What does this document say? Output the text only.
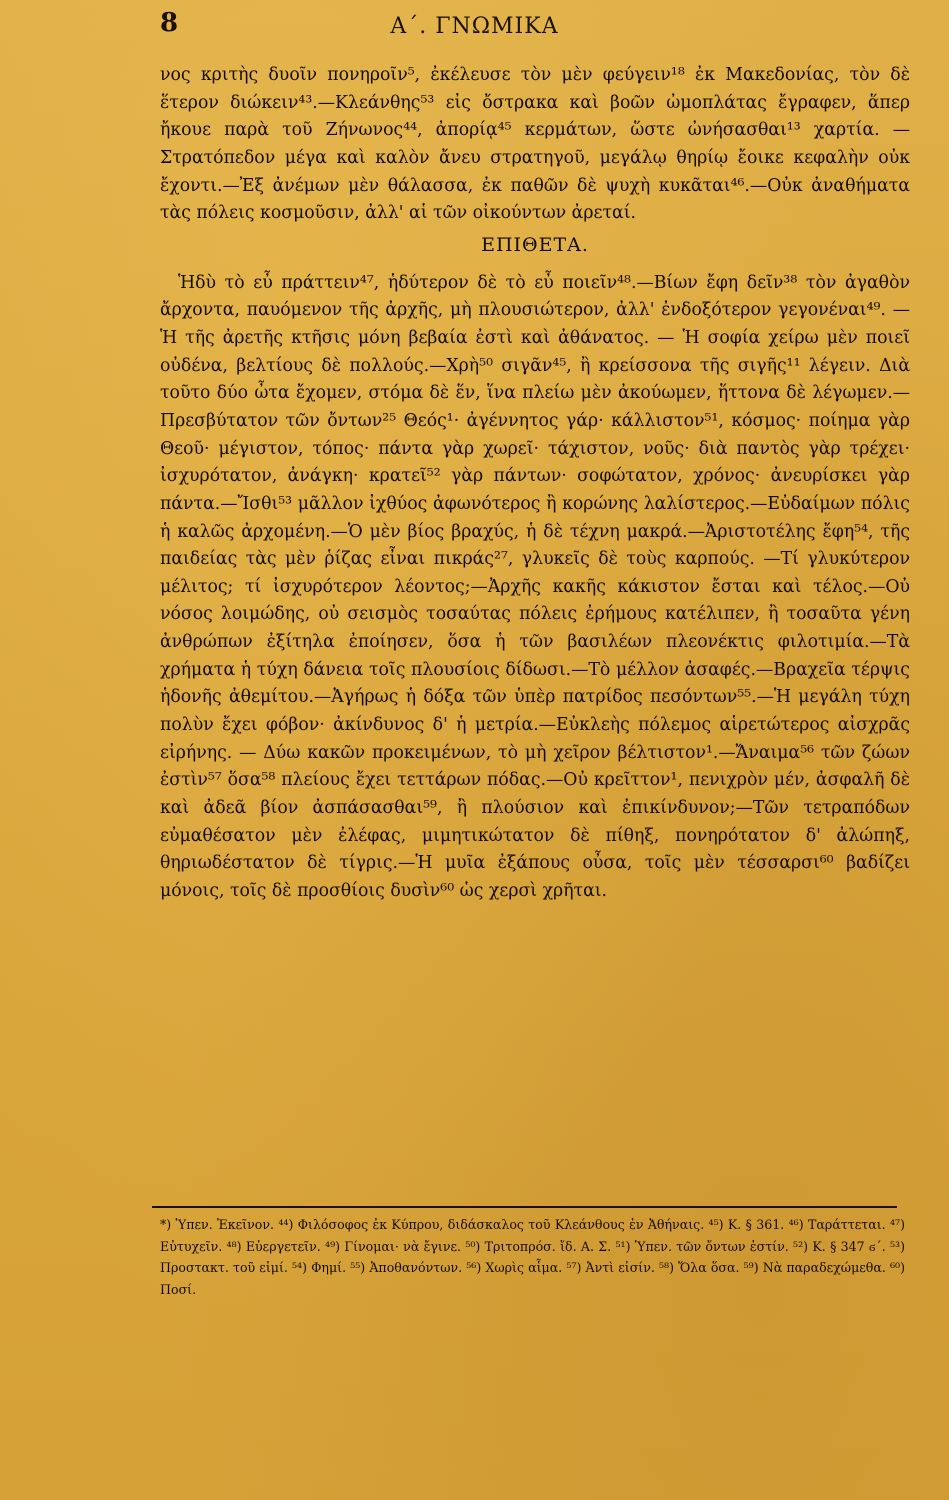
8	Α΄. ΓΝΩΜΙΚΑ

νος κριτὴς δυοῖν πονηροῖν⁵, ἐκέλευσε τὸν μὲν φεύγειν¹⁸ ἐκ Μακεδονίας, τὸν δὲ ἕτερον διώκειν⁴³.—Κλεάνθης⁵³ εἰς ὄστρακα καὶ βοῶν ὠμοπλάτας ἔγραφεν, ἅπερ ἤκουε παρὰ τοῦ Ζήνωνος⁴⁴, ἀπορίᾳ⁴⁵ κερμάτων, ὥστε ὠνήσασθαι¹³ χαρτία. — Στρατόπεδον μέγα καὶ καλὸν ἄνευ στρατηγοῦ, μεγάλῳ θηρίῳ ἔοικε κεφαλὴν οὐκ ἔχοντι.—Ἐξ ἀνέμων μὲν θάλασσα, ἐκ παθῶν δὲ ψυχὴ κυκᾶται⁴⁶.—Οὐκ ἀναθήματα τὰς πόλεις κοσμοῦσιν, ἀλλ' αἱ τῶν οἰκούντων ἀρεταί.

ΕΠΙΘΕΤΑ.

Ἡδὺ τὸ εὖ πράττειν⁴⁷, ἡδύτερον δὲ τὸ εὖ ποιεῖν⁴⁸.—Βίων ἔφη δεῖν³⁸ τὸν ἀγαθὸν ἄρχοντα, παυόμενον τῆς ἀρχῆς, μὴ πλουσιώτερον, ἀλλ' ἐνδοξότερον γεγονέναι⁴⁹. — Ἡ τῆς ἀρετῆς κτῆσις μόνη βεβαία ἐστὶ καὶ ἀθάνατος. — Ἡ σοφία χείρω μὲν ποιεῖ οὐδένα, βελτίους δὲ πολλούς.—Χρὴ⁵⁰ σιγᾶν⁴⁵, ἢ κρείσσονα τῆς σιγῆς¹¹ λέγειν. Διὰ τοῦτο δύο ὦτα ἔχομεν, στόμα δὲ ἕν, ἵνα πλείω μὲν ἀκούωμεν, ἥττονα δὲ λέγωμεν.—Πρεσβύτατον τῶν ὄντων²⁵ Θεός¹· ἀγέννητος γάρ· κάλλιστον⁵¹, κόσμος· ποίημα γὰρ Θεοῦ· μέγιστον, τόπος· πάντα γὰρ χωρεῖ· τάχιστον, νοῦς· διὰ παντὸς γὰρ τρέχει· ἰσχυρότατον, ἀνάγκη· κρατεῖ⁵² γὰρ πάντων· σοφώτατον, χρόνος· ἀνευρίσκει γὰρ πάντα.—Ἴσθι⁵³ μᾶλλον ἰχθύος ἀφωνότερος ἢ κορώνης λαλίστερος.—Εὐδαίμων πόλις ἡ καλῶς ἀρχομένη.—Ὁ μὲν βίος βραχύς, ἡ δὲ τέχνη μακρά.—Ἀριστοτέλης ἔφη⁵⁴, τῆς παιδείας τὰς μὲν ῥίζας εἶναι πικράς²⁷, γλυκεῖς δὲ τοὺς καρπούς. —Τί γλυκύτερον μέλιτος; τί ἰσχυρότερον λέοντος;—Ἀρχῆς κακῆς κάκιστον ἔσται καὶ τέλος.—Οὐ νόσος λοιμώδης, οὐ σεισμὸς τοσαύτας πόλεις ἐρήμους κατέλιπεν, ἢ τοσαῦτα γένη ἀνθρώπων ἐξίτηλα ἐποίησεν, ὅσα ἡ τῶν βασιλέων πλεονέκτις φιλοτιμία.—Τὰ χρήματα ἡ τύχη δάνεια τοῖς πλουσίοις δίδωσι.—Τὸ μέλλον ἀσαφές.—Βραχεῖα τέρψις ἡδονῆς ἀθεμίτου.—Ἀγήρως ἡ δόξα τῶν ὑπὲρ πατρίδος πεσόντων⁵⁵.—Ἡ μεγάλη τύχη πολὺν ἔχει φόβον· ἀκίνδυνος δ' ἡ μετρία.—Εὐκλεὴς πόλεμος αἱρετώτερος αἰσχρᾶς εἰρήνης. — Δύω κακῶν προκειμένων, τὸ μὴ χεῖρον βέλτιστον¹.—Ἄναιμα⁵⁶ τῶν ζώων ἐστὶν⁵⁷ ὅσα⁵⁸ πλείους ἔχει τεττάρων πόδας.—Οὐ κρεῖττον¹, πενιχρὸν μέν, ἀσφαλῆ δὲ καὶ ἀδεᾶ βίον ἀσπάσασθαι⁵⁹, ἢ πλούσιον καὶ ἐπικίνδυνον;—Τῶν τετραπόδων εὐμαθέσατον μὲν ἐλέφας, μιμητικώτατον δὲ πίθηξ, πονηρότατον δ' ἀλώπηξ, θηριωδέστατον δὲ τίγρις.—Ἡ μυῖα ἐξάπους οὖσα, τοῖς μὲν τέσσαρσι⁶⁰ βαδίζει μόνοις, τοῖς δὲ προσθίοις δυσὶν⁶⁰ ὡς χερσὶ χρῆται.

*) Ὑπεν. Ἐκεῖνον. ⁴⁴) Φιλόσοφος ἐκ Κύπρου, διδάσκαλος τοῦ Κλεάνθους ἐν Ἀθήναις. ⁴⁵) Κ. § 361. ⁴⁶) Ταράττεται. ⁴⁷) Εὐτυχεῖν. ⁴⁸) Εὐεργετεῖν. ⁴⁹) Γίνομαι· νὰ ἔγινε. ⁵⁰) Τριτοπρόσ. ἴδ. Α. Σ. ⁵¹) Ὑπεν. τῶν ὄντων ἐστίν. ⁵²) Κ. § 347 ϭ΄. ⁵³) Προστακτ. τοῦ εἰμί. ⁵⁴) Φημί. ⁵⁵) Ἀποθανόντων. ⁵⁶) Χωρὶς αἷμα. ⁵⁷) Ἀντὶ εἰσίν. ⁵⁸) Ὅλα ὅσα. ⁵⁹) Νὰ παραδεχώμεθα. ⁶⁰) Ποσί.
